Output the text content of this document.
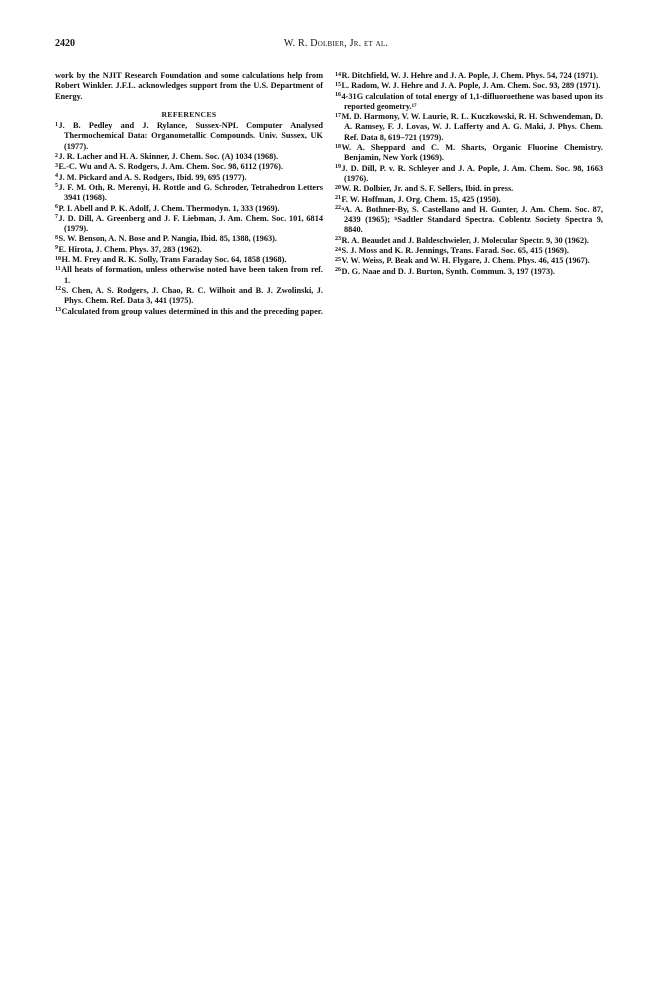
2420	W. R. Dolbier, Jr. et al.

work by the NJIT Research Foundation and some calculations help from Robert Winkler. J.F.L. acknowledges support from the U.S. Department of Energy.

REFERENCES

$^1$J. B. Pedley and J. Rylance, Sussex-NPL Computer Analysed Thermochemical Data: Organometallic Compounds. Univ. Sussex, UK (1977).

$^2$J. R. Lacher and H. A. Skinner, J. Chem. Soc. (A) 1034 (1968).

$^3$E.-C. Wu and A. S. Rodgers, J. Am. Chem. Soc. 98, 6112 (1976).

$^4$J. M. Pickard and A. S. Rodgers, Ibid. 99, 695 (1977).

$^5$J. F. M. Oth, R. Merenyi, H. Rottle and G. Schroder, Tetrahedron Letters 3941 (1968).

$^6$P. I. Abell and P. K. Adolf, J. Chem. Thermodyn. 1, 333 (1969).

$^7$J. D. Dill, A. Greenberg and J. F. Liebman, J. Am. Chem. Soc. 101, 6814 (1979).

$^8$S. W. Benson, A. N. Bose and P. Nangia, Ibid. 85, 1388, (1963).

$^9$E. Hirota, J. Chem. Phys. 37, 283 (1962).

$^{10}$H. M. Frey and R. K. Solly, Trans Faraday Soc. 64, 1858 (1968).

$^{11}$All heats of formation, unless otherwise noted have been taken from ref. 1.

$^{12}$S. Chen, A. S. Rodgers, J. Chao, R. C. Wilhoit and B. J. Zwolinski, J. Phys. Chem. Ref. Data 3, 441 (1975).

$^{13}$Calculated from group values determined in this and the preceding paper.

$^{14}$R. Ditchfield, W. J. Hehre and J. A. Pople, J. Chem. Phys. 54, 724 (1971).

$^{15}$L. Radom, W. J. Hehre and J. A. Pople, J. Am. Chem. Soc. 93, 289 (1971).

$^{16}$4-31G calculation of total energy of 1,1-difluoroethene was based upon its reported geometry.¹⁷

$^{17}$M. D. Harmony, V. W. Laurie, R. L. Kuczkowski, R. H. Schwendeman, D. A. Ramsey, F. J. Lovas, W. J. Lafferty and A. G. Maki, J. Phys. Chem. Ref. Data 8, 619–721 (1979).

$^{18}$W. A. Sheppard and C. M. Sharts, Organic Fluorine Chemistry. Benjamin, New York (1969).

$^{19}$J. D. Dill, P. v. R. Schleyer and J. A. Pople, J. Am. Chem. Soc. 98, 1663 (1976).

$^{20}$W. R. Dolbier, Jr. and S. F. Sellers, Ibid. in press.

$^{21}$F. W. Hoffman, J. Org. Chem. 15, 425 (1950).

$^{22}$ᵃA. A. Bothner-By, S. Castellano and H. Gunter, J. Am. Chem. Soc. 87, 2439 (1965); ᵇSadtler Standard Spectra. Coblentz Society Spectra 9, 8840.

$^{23}$R. A. Beaudet and J. Baldeschwieler, J. Molecular Spectr. 9, 30 (1962).

$^{24}$S. J. Moss and K. R. Jennings, Trans. Farad. Soc. 65, 415 (1969).

$^{25}$V. W. Weiss, P. Beak and W. H. Flygare, J. Chem. Phys. 46, 415 (1967).

$^{26}$D. G. Naae and D. J. Burton, Synth. Commun. 3, 197 (1973).
